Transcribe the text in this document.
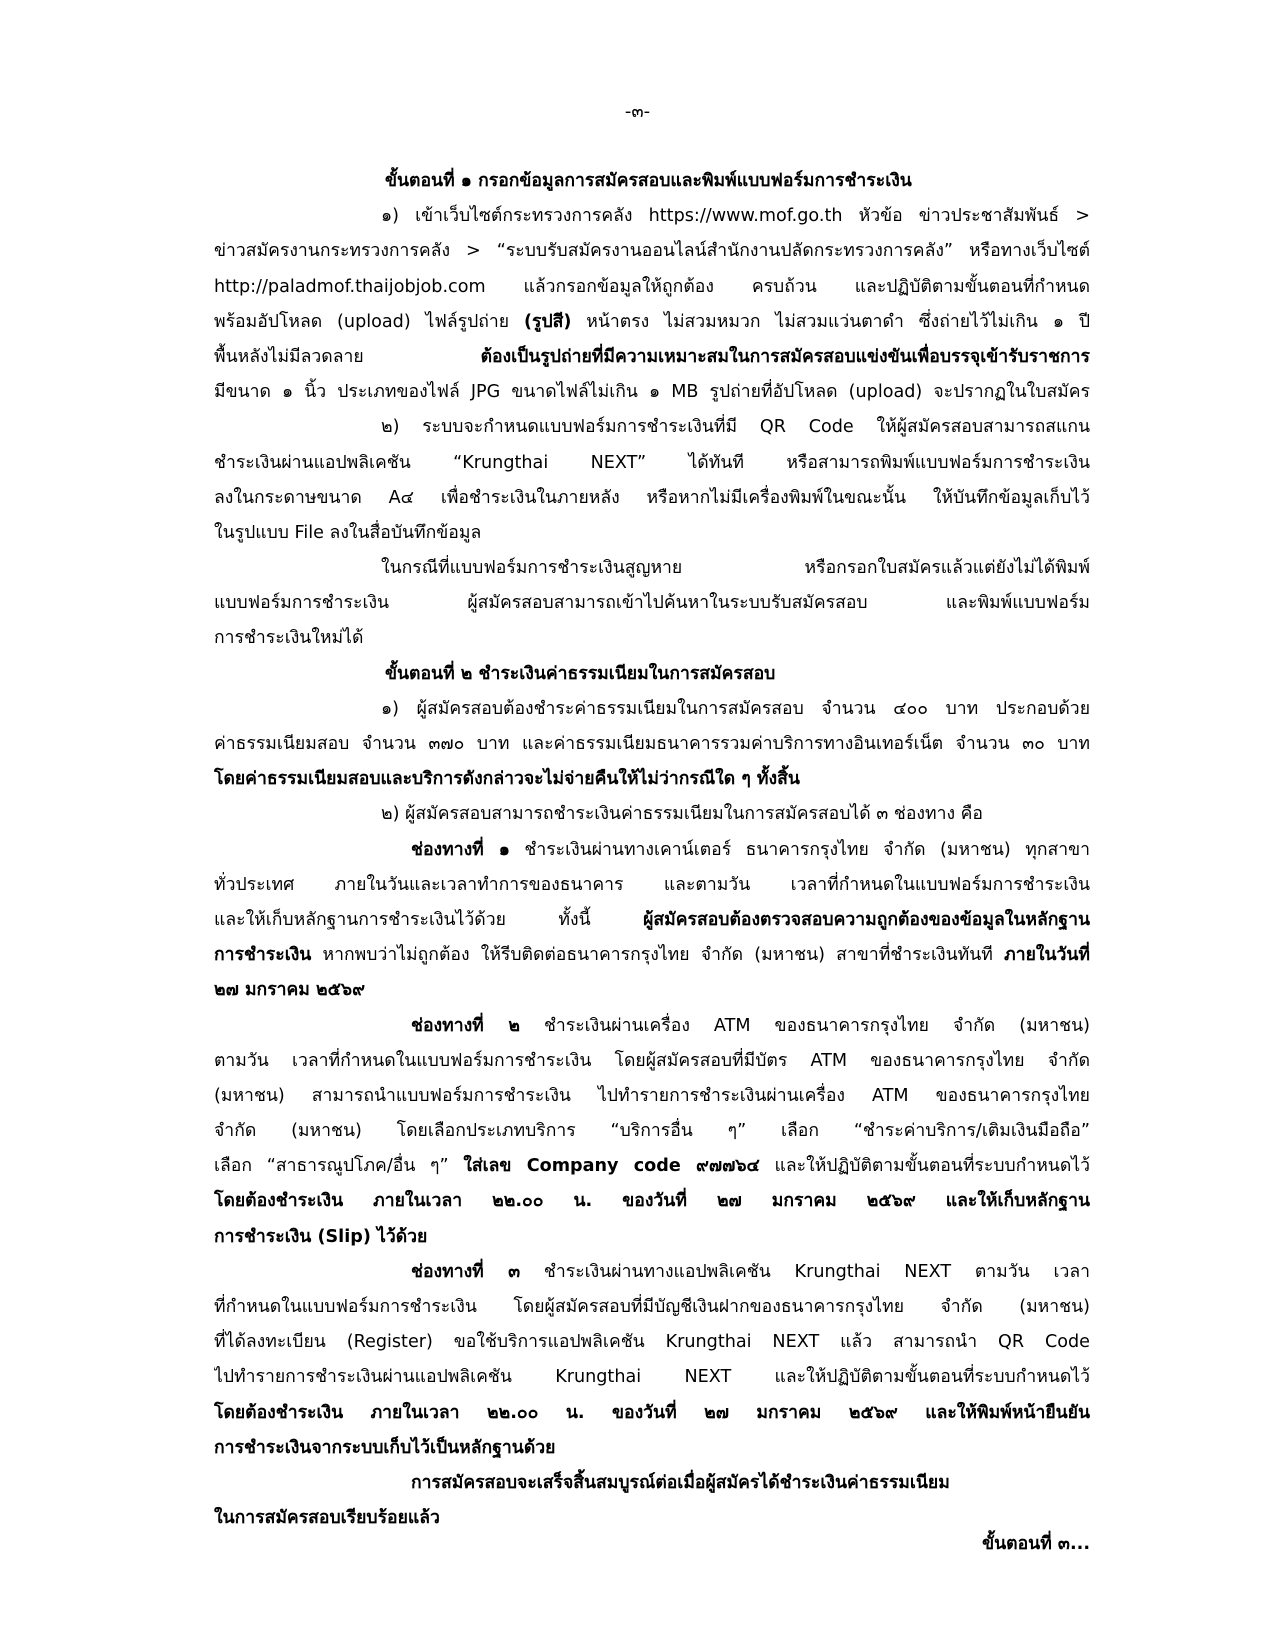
-๓-
ขั้นตอนที่ ๑ กรอกข้อมูลการสมัครสอบและพิมพ์แบบฟอร์มการชำระเงิน
๑) เข้าเว็บไซต์กระทรวงการคลัง https://www.mof.go.th หัวข้อ ข่าวประชาสัมพันธ์ >
ข่าวสมัครงานกระทรวงการคลัง > “ระบบรับสมัครงานออนไลน์สำนักงานปลัดกระทรวงการคลัง” หรือทางเว็บไซต์
http://paladmof.thaijobjob.com แล้วกรอกข้อมูลให้ถูกต้อง ครบถ้วน และปฏิบัติตามขั้นตอนที่กำหนด
พร้อมอัปโหลด (upload) ไฟล์รูปถ่าย (รูปสี) หน้าตรง ไม่สวมหมวก ไม่สวมแว่นตาดำ ซึ่งถ่ายไว้ไม่เกิน ๑ ปี
พื้นหลังไม่มีลวดลาย	ต้องเป็นรูปถ่ายที่มีความเหมาะสมในการสมัครสอบแข่งขันเพื่อบรรจุเข้ารับราชการ
มีขนาด ๑ นิ้ว ประเภทของไฟล์ JPG ขนาดไฟล์ไม่เกิน ๑ MB รูปถ่ายที่อัปโหลด (upload) จะปรากฏในใบสมัคร
๒) ระบบจะกำหนดแบบฟอร์มการชำระเงินที่มี QR Code ให้ผู้สมัครสอบสามารถสแกน
ชำระเงินผ่านแอปพลิเคชัน “Krungthai NEXT” ได้ทันที หรือสามารถพิมพ์แบบฟอร์มการชำระเงิน
ลงในกระดาษขนาด A๔ เพื่อชำระเงินในภายหลัง หรือหากไม่มีเครื่องพิมพ์ในขณะนั้น ให้บันทึกข้อมูลเก็บไว้
ในรูปแบบ File ลงในสื่อบันทึกข้อมูล
ในกรณีที่แบบฟอร์มการชำระเงินสูญหาย หรือกรอกใบสมัครแล้วแต่ยังไม่ได้พิมพ์
แบบฟอร์มการชำระเงิน ผู้สมัครสอบสามารถเข้าไปค้นหาในระบบรับสมัครสอบ และพิมพ์แบบฟอร์ม
การชำระเงินใหม่ได้
ขั้นตอนที่ ๒ ชำระเงินค่าธรรมเนียมในการสมัครสอบ
๑) ผู้สมัครสอบต้องชำระค่าธรรมเนียมในการสมัครสอบ จำนวน ๔๐๐ บาท ประกอบด้วย
ค่าธรรมเนียมสอบ จำนวน ๓๗๐ บาท และค่าธรรมเนียมธนาคารรวมค่าบริการทางอินเทอร์เน็ต จำนวน ๓๐ บาท
โดยค่าธรรมเนียมสอบและบริการดังกล่าวจะไม่จ่ายคืนให้ไม่ว่ากรณีใด ๆ ทั้งสิ้น
๒) ผู้สมัครสอบสามารถชำระเงินค่าธรรมเนียมในการสมัครสอบได้ ๓ ช่องทาง คือ
ช่องทางที่ ๑ ชำระเงินผ่านทางเคาน์เตอร์ ธนาคารกรุงไทย จำกัด (มหาชน) ทุกสาขา
ทั่วประเทศ ภายในวันและเวลาทำการของธนาคาร และตามวัน เวลาที่กำหนดในแบบฟอร์มการชำระเงิน
และให้เก็บหลักฐานการชำระเงินไว้ด้วย ทั้งนี้	ผู้สมัครสอบต้องตรวจสอบความถูกต้องของข้อมูลในหลักฐาน
การชำระเงิน หากพบว่าไม่ถูกต้อง ให้รีบติดต่อธนาคารกรุงไทย จำกัด (มหาชน) สาขาที่ชำระเงินทันที ภายในวันที่
๒๗ มกราคม ๒๕๖๙
ช่องทางที่ ๒ ชำระเงินผ่านเครื่อง ATM ของธนาคารกรุงไทย จำกัด (มหาชน)
ตามวัน เวลาที่กำหนดในแบบฟอร์มการชำระเงิน โดยผู้สมัครสอบที่มีบัตร ATM ของธนาคารกรุงไทย จำกัด
(มหาชน) สามารถนำแบบฟอร์มการชำระเงิน ไปทำรายการชำระเงินผ่านเครื่อง ATM ของธนาคารกรุงไทย
จำกัด (มหาชน) โดยเลือกประเภทบริการ “บริการอื่น ๆ” เลือก “ชำระค่าบริการ/เติมเงินมือถือ”
เลือก “สาธารณูปโภค/อื่น ๆ” ใส่เลข Company code ๙๗๗๖๔ และให้ปฏิบัติตามขั้นตอนที่ระบบกำหนดไว้
โดยต้องชำระเงิน ภายในเวลา ๒๒.๐๐ น. ของวันที่ ๒๗ มกราคม ๒๕๖๙ และให้เก็บหลักฐาน
การชำระเงิน (Slip) ไว้ด้วย
ช่องทางที่ ๓ ชำระเงินผ่านทางแอปพลิเคชัน Krungthai NEXT ตามวัน เวลา
ที่กำหนดในแบบฟอร์มการชำระเงิน โดยผู้สมัครสอบที่มีบัญชีเงินฝากของธนาคารกรุงไทย จำกัด (มหาชน)
ที่ได้ลงทะเบียน (Register) ขอใช้บริการแอปพลิเคชัน Krungthai NEXT แล้ว สามารถนำ QR Code
ไปทำรายการชำระเงินผ่านแอปพลิเคชัน Krungthai NEXT และให้ปฏิบัติตามขั้นตอนที่ระบบกำหนดไว้
โดยต้องชำระเงิน ภายในเวลา ๒๒.๐๐ น. ของวันที่ ๒๗ มกราคม ๒๕๖๙ และให้พิมพ์หน้ายืนยัน
การชำระเงินจากระบบเก็บไว้เป็นหลักฐานด้วย
การสมัครสอบจะเสร็จสิ้นสมบูรณ์ต่อเมื่อผู้สมัครได้ชำระเงินค่าธรรมเนียม
ในการสมัครสอบเรียบร้อยแล้ว
ขั้นตอนที่ ๓...
